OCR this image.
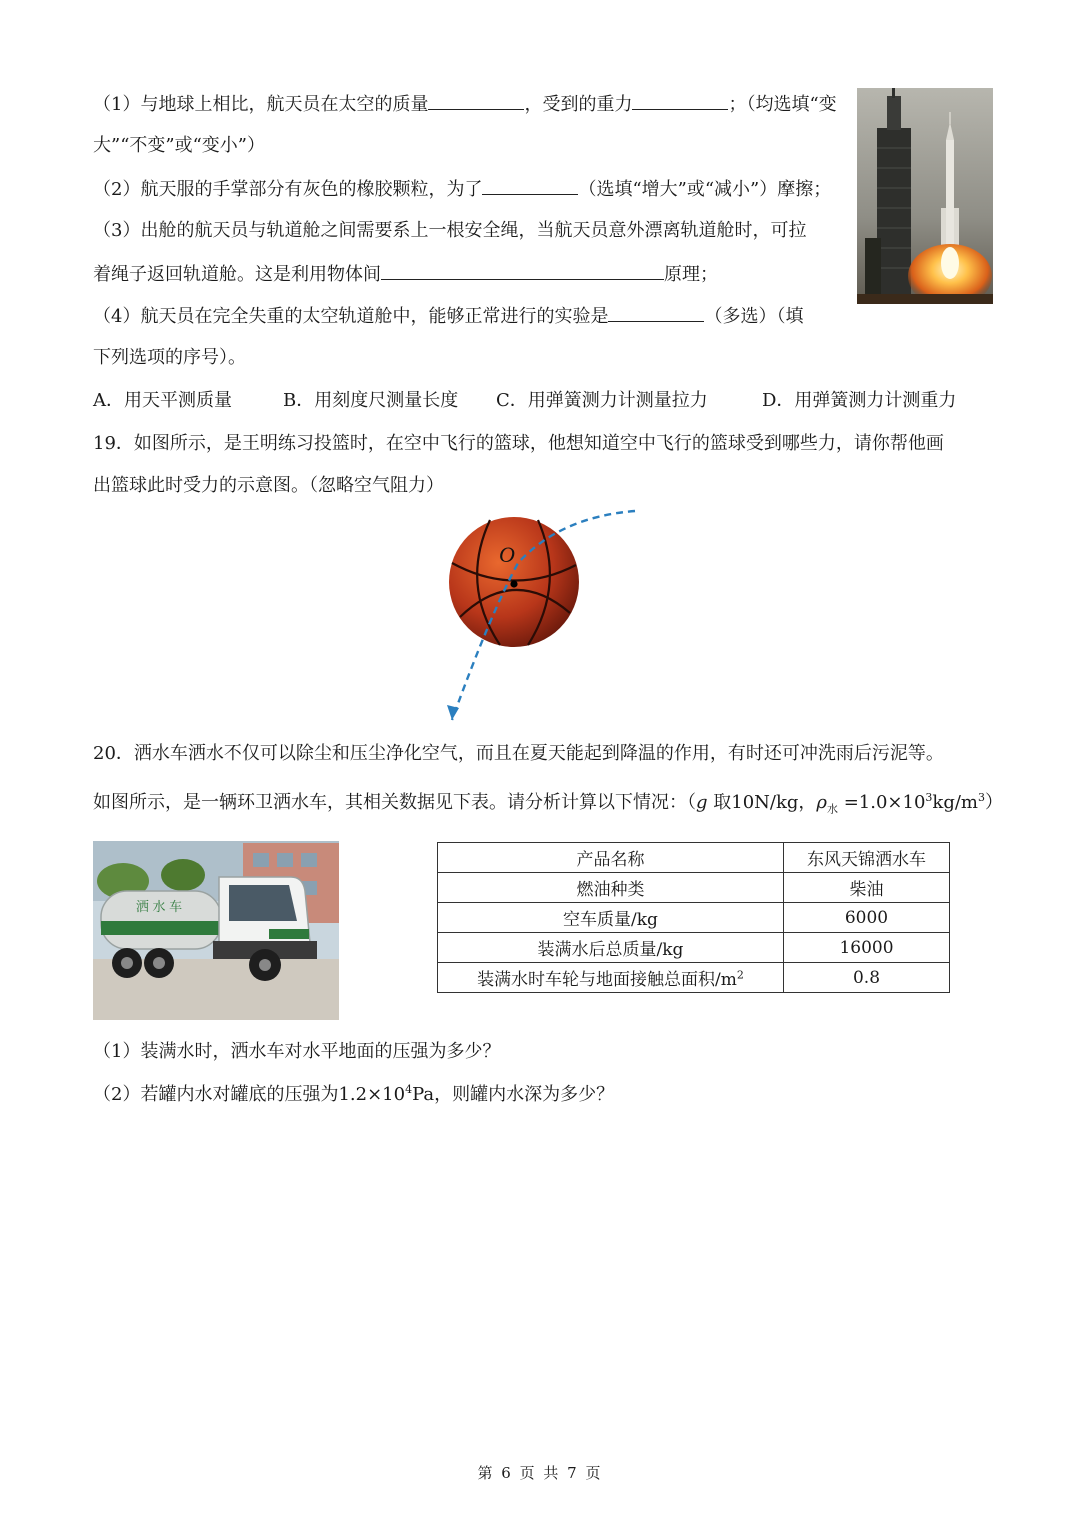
（1）与地球上相比，航天员在太空的质量	，受到的重力	；（均选填“变
大”“不变”或“变小”）
（2）航天服的手掌部分有灰色的橡胶颗粒，为了	（选填“增大”或“减小”）摩擦；
（3）出舱的航天员与轨道舱之间需要系上一根安全绳，当航天员意外漂离轨道舱时，可拉
着绳子返回轨道舱。这是利用物体间	原理；
（4）航天员在完全失重的太空轨道舱中，能够正常进行的实验是	（多选）（填
下列选项的序号）。
A．用天平测质量	B．用刻度尺测量长度 C．用弹簧测力计测量拉力	D．用弹簧测力计测重力
19．如图所示，是王明练习投篮时，在空中飞行的篮球，他想知道空中飞行的篮球受到哪些力，请你帮他画
出篮球此时受力的示意图。（忽略空气阻力）
O
20．洒水车洒水不仅可以除尘和压尘净化空气，而且在夏天能起到降温的作用，有时还可冲洗雨后污泥等。
如图所示，是一辆环卫洒水车，其相关数据见下表。请分析计算以下情况：（g 取10N/kg，$\rho_水 =1.0\times 10^3kg/m^3$）
洒 水 车
产品名称	东风天锦洒水车
燃油种类	柴油
空车质量/kg	6000
装满水后总质量/kg	16000
装满水时车轮与地面接触总面积$/m^2$	0.8
（1）装满水时，洒水车对水平地面的压强为多少？
（2）若罐内水对罐底的压强为$1.2\times 10^4Pa$，则罐内水深为多少？
第 6 页 共 7 页
